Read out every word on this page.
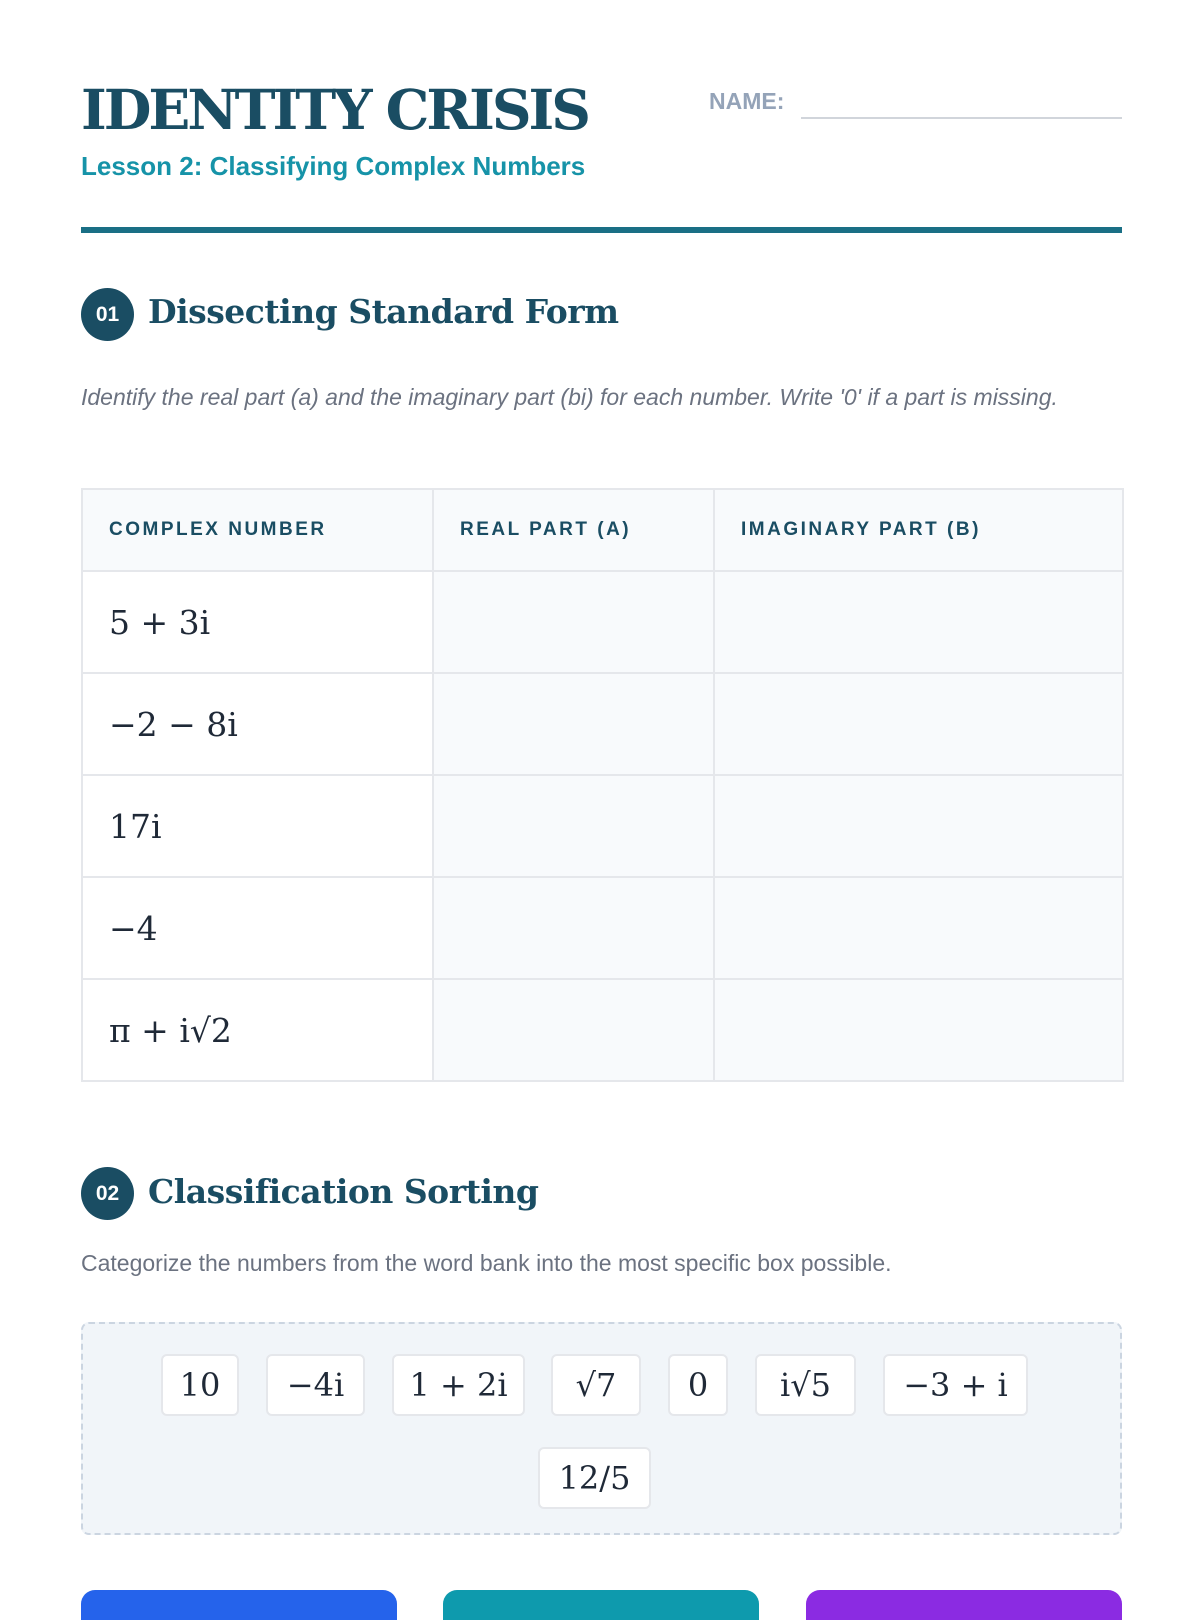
IDENTITY CRISIS
Lesson 2: Classifying Complex Numbers
NAME:
01 Dissecting Standard Form
Identify the real part (a) and the imaginary part (bi) for each number. Write '0' if a part is missing.
COMPLEX NUMBER	REAL PART (A)	IMAGINARY PART (B)
5 + 3i		
−2 − 8i		
17i		
−4		
π + i√2		
02 Classification Sorting
Categorize the numbers from the word bank into the most specific box possible.
10	−4i	1 + 2i	√7	0	i√5	−3 + i
12/5
